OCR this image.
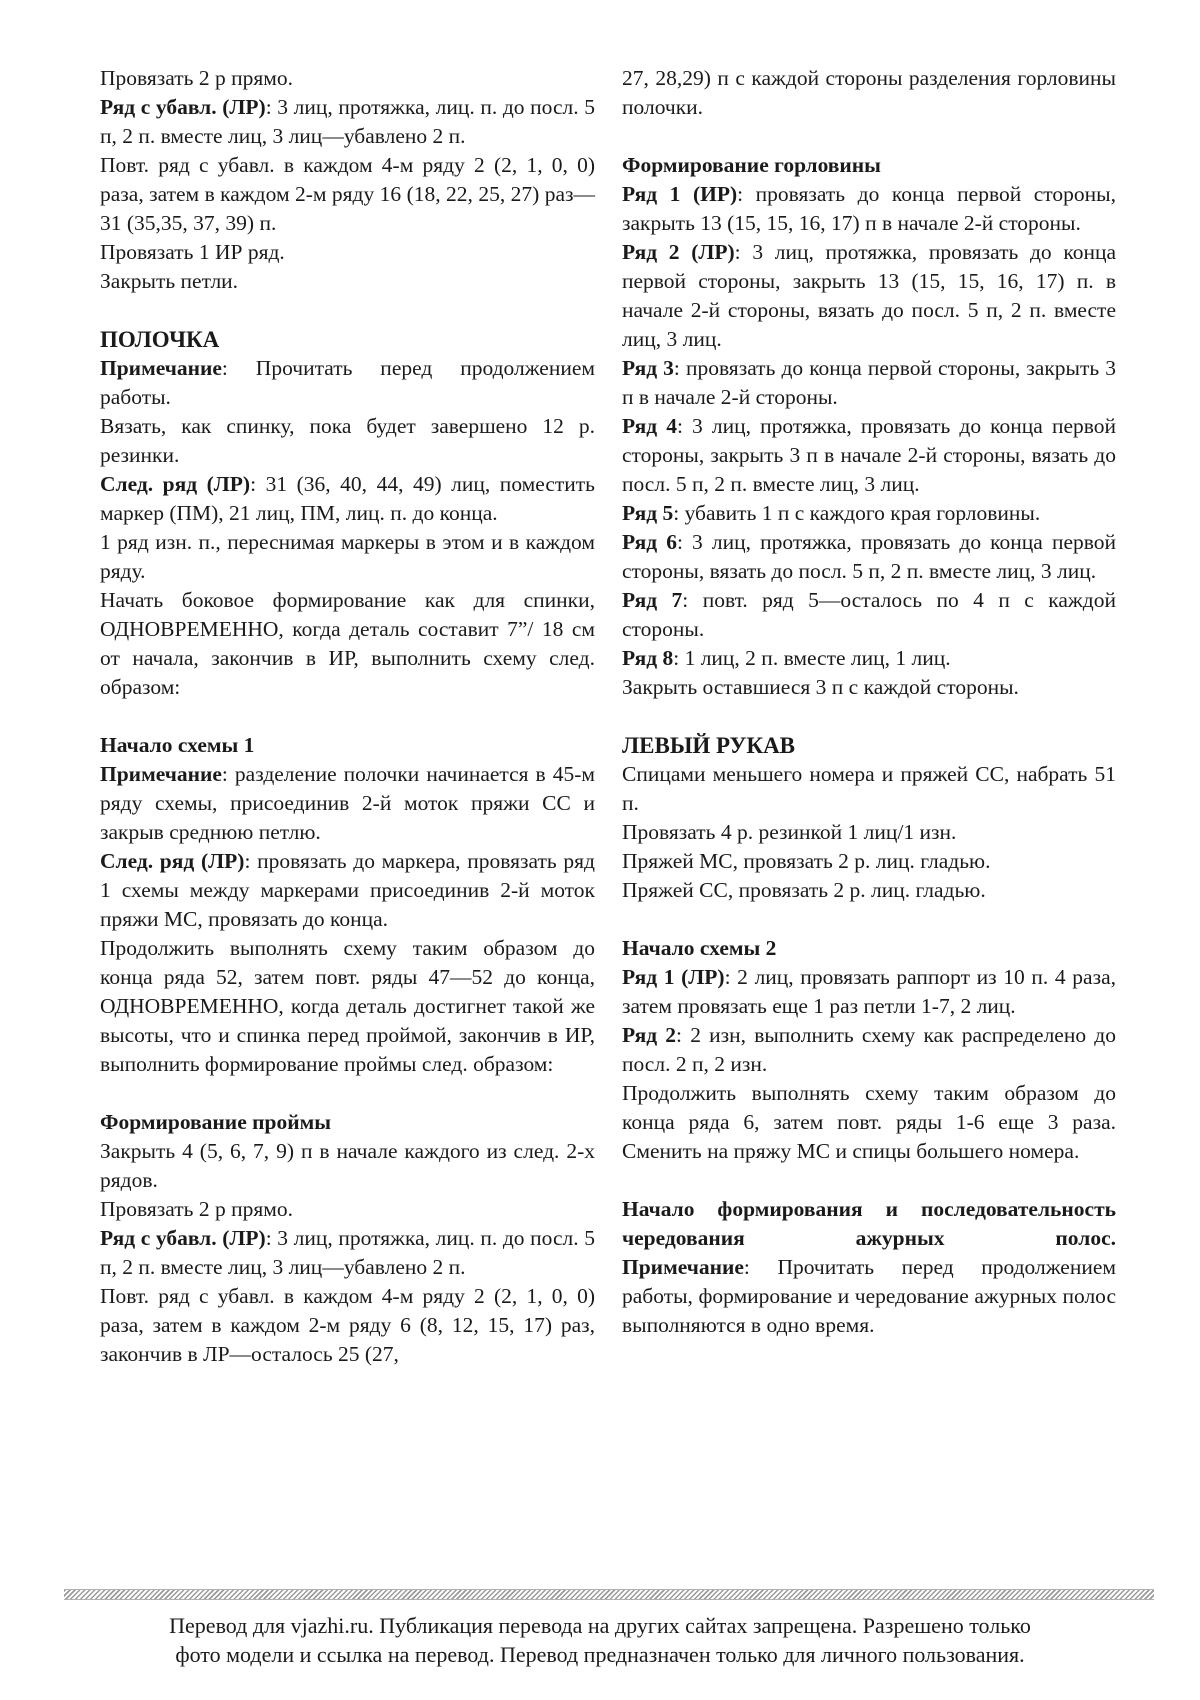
Провязать 2 р прямо.

Ряд с убавл. (ЛР): 3 лиц, протяжка, лиц. п. до посл. 5 п, 2 п. вместе лиц, 3 лиц—убавлено 2 п.

Повт. ряд с убавл. в каждом 4-м ряду 2 (2, 1, 0, 0) раза, затем в каждом 2-м ряду 16 (18, 22, 25, 27) раз—31 (35,35, 37, 39) п.

Провязать 1 ИР ряд.

Закрыть петли.

ПОЛОЧКА

Примечание: Прочитать перед продолжением работы.

Вязать, как спинку, пока будет завершено 12 р. резинки.

След. ряд (ЛР): 31 (36, 40, 44, 49) лиц, поместить маркер (ПМ), 21 лиц, ПМ, лиц. п. до конца.

1 ряд изн. п., переснимая маркеры в этом и в каждом ряду.

Начать боковое формирование как для спинки, ОДНОВРЕМЕННО, когда деталь составит 7”/ 18 см от начала, закончив в ИР, выполнить схему след. образом:

Начало схемы 1

Примечание: разделение полочки начинается в 45-м ряду схемы, присоединив 2-й моток пряжи СС и закрыв среднюю петлю.

След. ряд (ЛР): провязать до маркера, провязать ряд 1 схемы между маркерами присоединив 2-й моток пряжи МС, провязать до конца.

Продолжить выполнять схему таким образом до конца ряда 52, затем повт. ряды 47—52 до конца, ОДНОВРЕМЕННО, когда деталь достигнет такой же высоты, что и спинка перед проймой, закончив в ИР, выполнить формирование проймы след. образом:

Формирование проймы

Закрыть 4 (5, 6, 7, 9) п в начале каждого из след. 2-х рядов.

Провязать 2 р прямо.

Ряд с убавл. (ЛР): 3 лиц, протяжка, лиц. п. до посл. 5 п, 2 п. вместе лиц, 3 лиц—убавлено 2 п.

Повт. ряд с убавл. в каждом 4-м ряду 2 (2, 1, 0, 0) раза, затем в каждом 2-м ряду 6 (8, 12, 15, 17) раз, закончив в ЛР—осталось 25 (27,

27, 28,29) п с каждой стороны разделения горловины полочки.

Формирование горловины

Ряд 1 (ИР): провязать до конца первой стороны, закрыть 13 (15, 15, 16, 17) п в начале 2-й стороны.

Ряд 2 (ЛР): 3 лиц, протяжка, провязать до конца первой стороны, закрыть 13 (15, 15, 16, 17) п. в начале 2-й стороны, вязать до посл. 5 п, 2 п. вместе лиц, 3 лиц.

Ряд 3: провязать до конца первой стороны, закрыть 3 п в начале 2-й стороны.

Ряд 4: 3 лиц, протяжка, провязать до конца первой стороны, закрыть 3 п в начале 2-й стороны, вязать до посл. 5 п, 2 п. вместе лиц, 3 лиц.

Ряд 5: убавить 1 п с каждого края горловины.

Ряд 6: 3 лиц, протяжка, провязать до конца первой стороны, вязать до посл. 5 п, 2 п. вместе лиц, 3 лиц.

Ряд 7: повт. ряд 5—осталось по 4 п с каждой стороны.

Ряд 8: 1 лиц, 2 п. вместе лиц, 1 лиц.

Закрыть оставшиеся 3 п с каждой стороны.

ЛЕВЫЙ РУКАВ

Спицами меньшего номера и пряжей СС, набрать 51 п.

Провязать 4 р. резинкой 1 лиц/1 изн.

Пряжей МС, провязать 2 р. лиц. гладью.

Пряжей СС, провязать 2 р. лиц. гладью.

Начало схемы 2

Ряд 1 (ЛР): 2 лиц, провязать раппорт из 10 п. 4 раза, затем провязать еще 1 раз петли 1-7, 2 лиц.

Ряд 2: 2 изн, выполнить схему как распределено до посл. 2 п, 2 изн.

Продолжить выполнять схему таким образом до конца ряда 6, затем повт. ряды 1-6 еще 3 раза. Сменить на пряжу МС и спицы большего номера.

Начало формирования и последовательность чередования ажурных полос.

Примечание: Прочитать перед продолжением работы, формирование и чередование ажурных полос выполняются в одно время.

Перевод для vjazhi.ru. Публикация перевода на других сайтах запрещена. Разрешено только

фото модели и ссылка на перевод. Перевод предназначен только для личного пользования.
